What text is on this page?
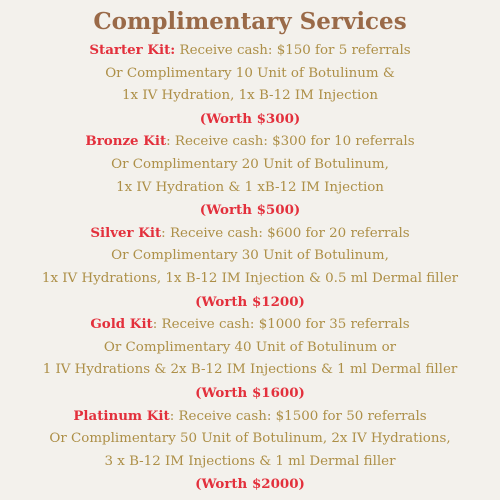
Complimentary Services
Starter Kit: Receive cash: $150 for 5 referrals
Or Complimentary 10 Unit of Botulinum &
1x IV Hydration, 1x B-12 IM Injection
(Worth $300)
Bronze Kit: Receive cash: $300 for 10 referrals
Or Complimentary 20 Unit of Botulinum,
1x IV Hydration & 1 xB-12 IM Injection
(Worth $500)
Silver Kit: Receive cash: $600 for 20 referrals
Or Complimentary 30 Unit of Botulinum,
1x IV Hydrations, 1x B-12 IM Injection & 0.5 ml Dermal filler
(Worth $1200)
Gold Kit: Receive cash: $1000 for 35 referrals
Or Complimentary 40 Unit of Botulinum or
1 IV Hydrations & 2x B-12 IM Injections & 1 ml Dermal filler
(Worth $1600)
Platinum Kit: Receive cash: $1500 for 50 referrals
Or Complimentary 50 Unit of Botulinum, 2x IV Hydrations,
3 x B-12 IM Injections & 1 ml Dermal filler
(Worth $2000)
